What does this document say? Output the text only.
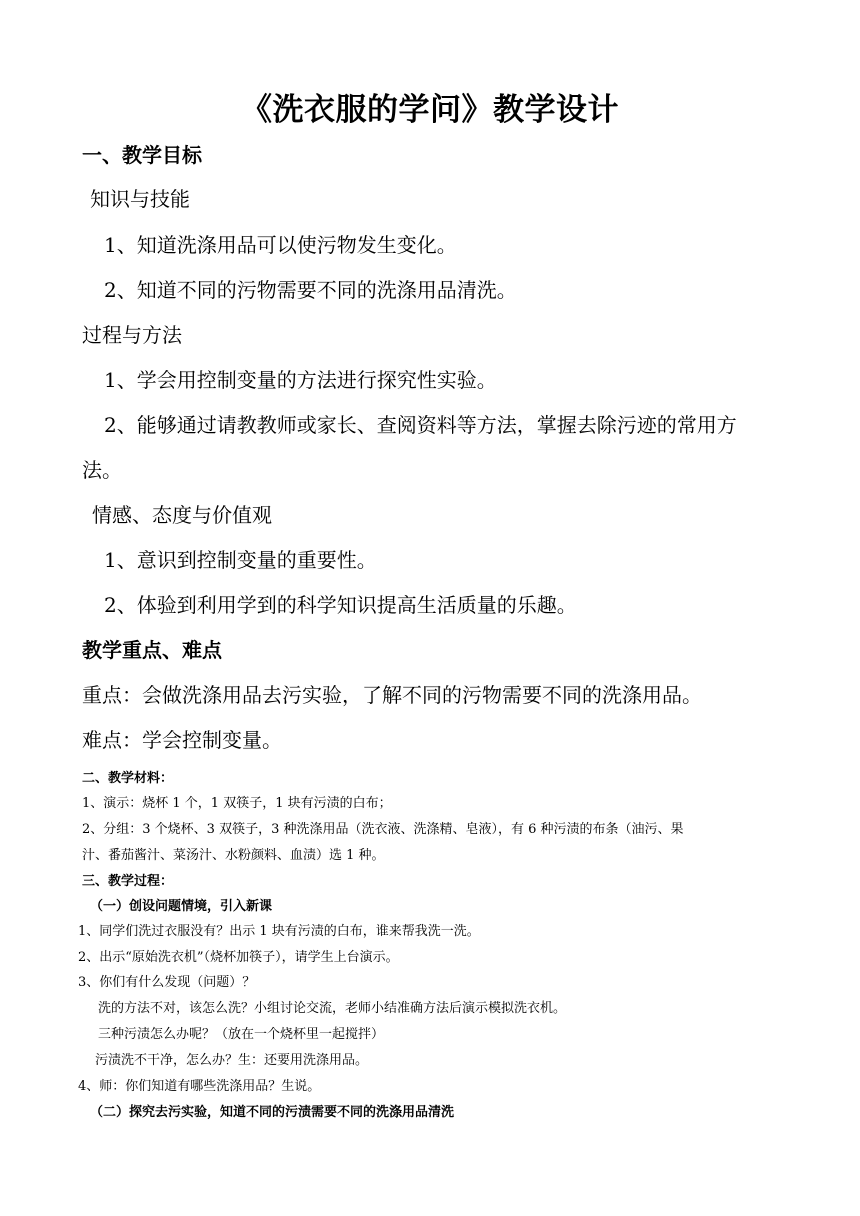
《洗衣服的学问》教学设计
一、教学目标
知识与技能
1、知道洗涤用品可以使污物发生变化。
2、知道不同的污物需要不同的洗涤用品清洗。
过程与方法
1、学会用控制变量的方法进行探究性实验。
2、能够通过请教教师或家长、查阅资料等方法，掌握去除污迹的常用方
法。
情感、态度与价值观
1、意识到控制变量的重要性。
2、体验到利用学到的科学知识提高生活质量的乐趣。
教学重点、难点
重点：会做洗涤用品去污实验，了解不同的污物需要不同的洗涤用品。
难点：学会控制变量。
二、教学材料：
1、演示：烧杯 1 个，1 双筷子，1 块有污渍的白布；
2、分组：3 个烧杯、3 双筷子，3 种洗涤用品（洗衣液、洗涤精、皂液），有 6 种污渍的布条（油污、果
汁、番茄酱汁、菜汤汁、水粉颜料、血渍）选 1 种。
三、教学过程：
（一）创设问题情境，引入新课
1、同学们洗过衣服没有？出示 1 块有污渍的白布，谁来帮我洗一洗。
2、出示“原始洗衣机”（烧杯加筷子），请学生上台演示。
3、你们有什么发现（问题）？
洗的方法不对，该怎么洗？小组讨论交流，老师小结准确方法后演示模拟洗衣机。
三种污渍怎么办呢？（放在一个烧杯里一起搅拌）
污渍洗不干净，怎么办？生：还要用洗涤用品。
4、师：你们知道有哪些洗涤用品？生说。
（二）探究去污实验，知道不同的污渍需要不同的洗涤用品清洗
